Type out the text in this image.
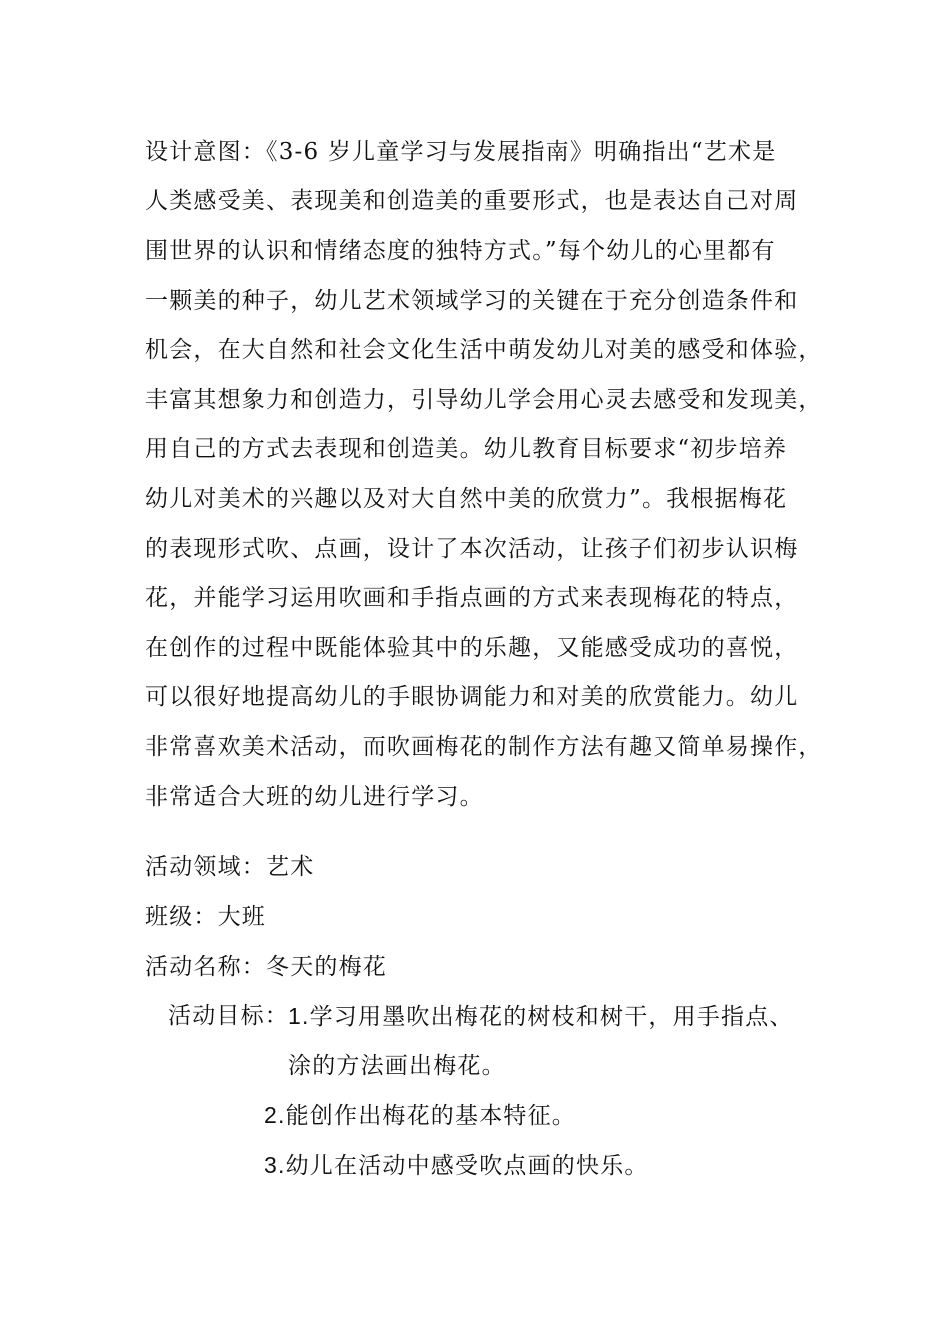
设计意图：《3-6 岁儿童学习与发展指南》明确指出“艺术是
人类感受美、表现美和创造美的重要形式，也是表达自己对周
围世界的认识和情绪态度的独特方式。”每个幼儿的心里都有
一颗美的种子，幼儿艺术领域学习的关键在于充分创造条件和
机会，在大自然和社会文化生活中萌发幼儿对美的感受和体验，
丰富其想象力和创造力，引导幼儿学会用心灵去感受和发现美，
用自己的方式去表现和创造美。幼儿教育目标要求“初步培养
幼儿对美术的兴趣以及对大自然中美的欣赏力”。我根据梅花
的表现形式吹、点画，设计了本次活动，让孩子们初步认识梅
花，并能学习运用吹画和手指点画的方式来表现梅花的特点，
在创作的过程中既能体验其中的乐趣，又能感受成功的喜悦，
可以很好地提高幼儿的手眼协调能力和对美的欣赏能力。幼儿
非常喜欢美术活动，而吹画梅花的制作方法有趣又简单易操作，
非常适合大班的幼儿进行学习。
活动领域：艺术
班级：大班
活动名称：冬天的梅花
活动目标： 1.学习用墨吹出梅花的树枝和树干，用手指点、
涂的方法画出梅花。
2.能创作出梅花的基本特征。
3.幼儿在活动中感受吹点画的快乐。
